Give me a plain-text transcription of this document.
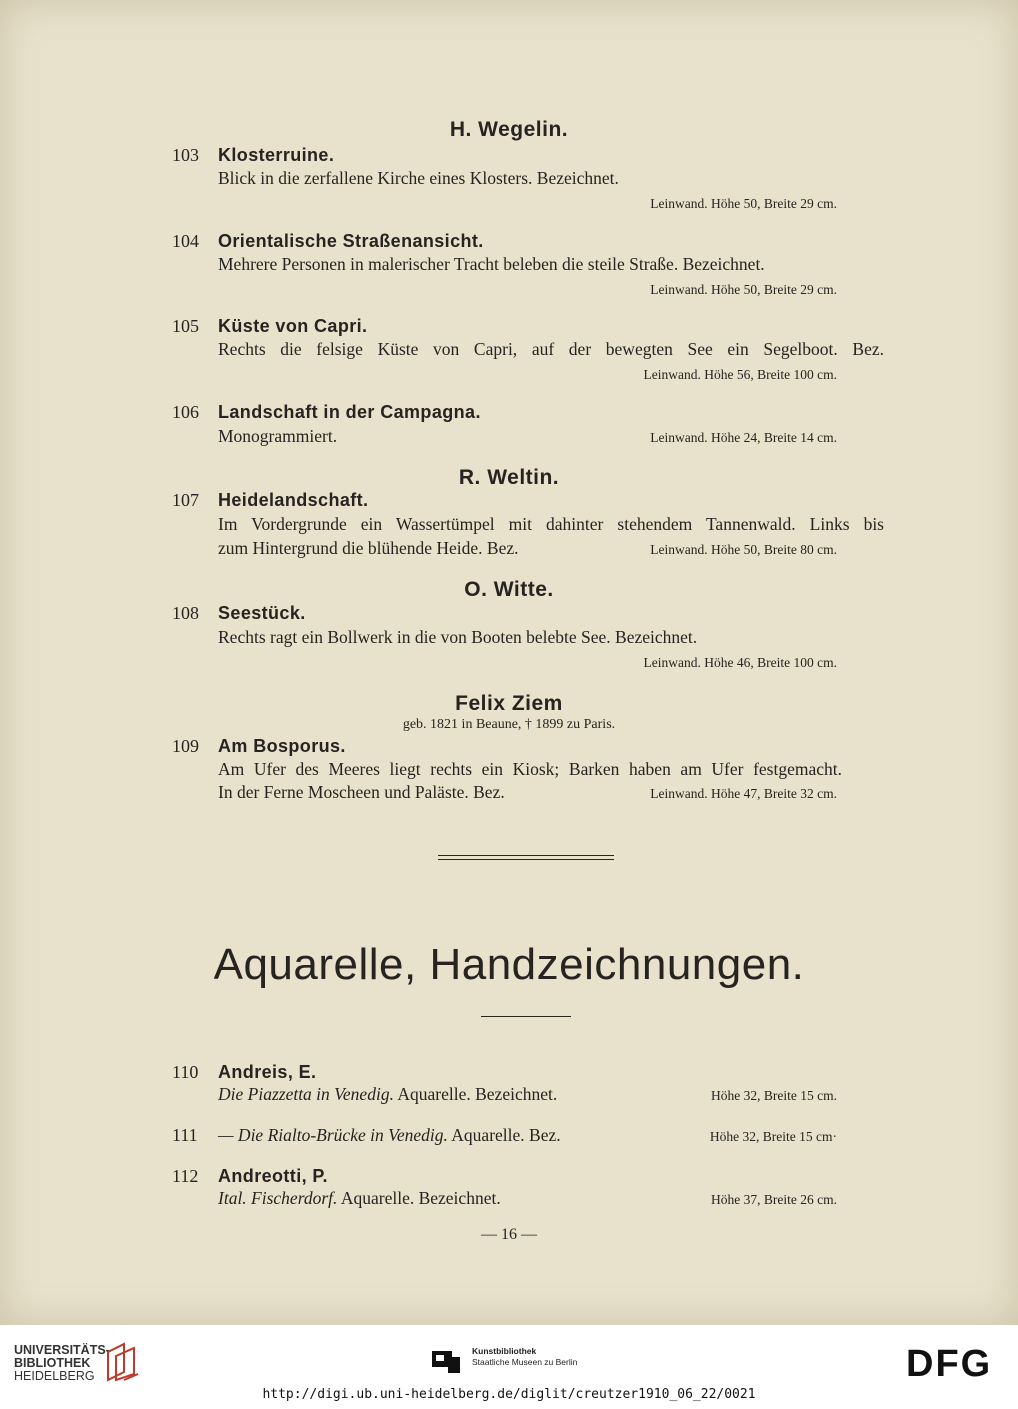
H. Wegelin.
103 Klosterruine.
Blick in die zerfallene Kirche eines Klosters. Bezeichnet.
Leinwand. Höhe 50, Breite 29 cm.
104 Orientalische Straßenansicht.
Mehrere Personen in malerischer Tracht beleben die steile Straße. Bezeichnet.
Leinwand. Höhe 50, Breite 29 cm.
105 Küste von Capri.
Rechts die felsige Küste von Capri, auf der bewegten See ein Segelboot. Bez.
Leinwand. Höhe 56, Breite 100 cm.
106 Landschaft in der Campagna.
Monogrammiert.	Leinwand. Höhe 24, Breite 14 cm.
R. Weltin.
107 Heidelandschaft.
Im Vordergrunde ein Wassertümpel mit dahinter stehendem Tannenwald. Links bis
zum Hintergrund die blühende Heide. Bez.	Leinwand. Höhe 50, Breite 80 cm.
O. Witte.
108 Seestück.
Rechts ragt ein Bollwerk in die von Booten belebte See. Bezeichnet.
Leinwand. Höhe 46, Breite 100 cm.
Felix Ziem
geb. 1821 in Beaune, † 1899 zu Paris.
109 Am Bosporus.
Am Ufer des Meeres liegt rechts ein Kiosk; Barken haben am Ufer festgemacht.
In der Ferne Moscheen und Paläste. Bez.	Leinwand. Höhe 47, Breite 32 cm.
Aquarelle, Handzeichnungen.
110 Andreis, E.
Die Piazzetta in Venedig. Aquarelle. Bezeichnet.	Höhe 32, Breite 15 cm.
111 — Die Rialto-Brücke in Venedig. Aquarelle. Bez.	Höhe 32, Breite 15 cm·
112 Andreotti, P.
Ital. Fischerdorf. Aquarelle. Bezeichnet.	Höhe 37, Breite 26 cm.
— 16 —
UNIVERSITÄTS-
BIBLIOTHEK
HEIDELBERG
Kunstbibliothek
Staatliche Museen zu Berlin	DFG
http://digi.ub.uni-heidelberg.de/diglit/creutzer1910_06_22/0021
